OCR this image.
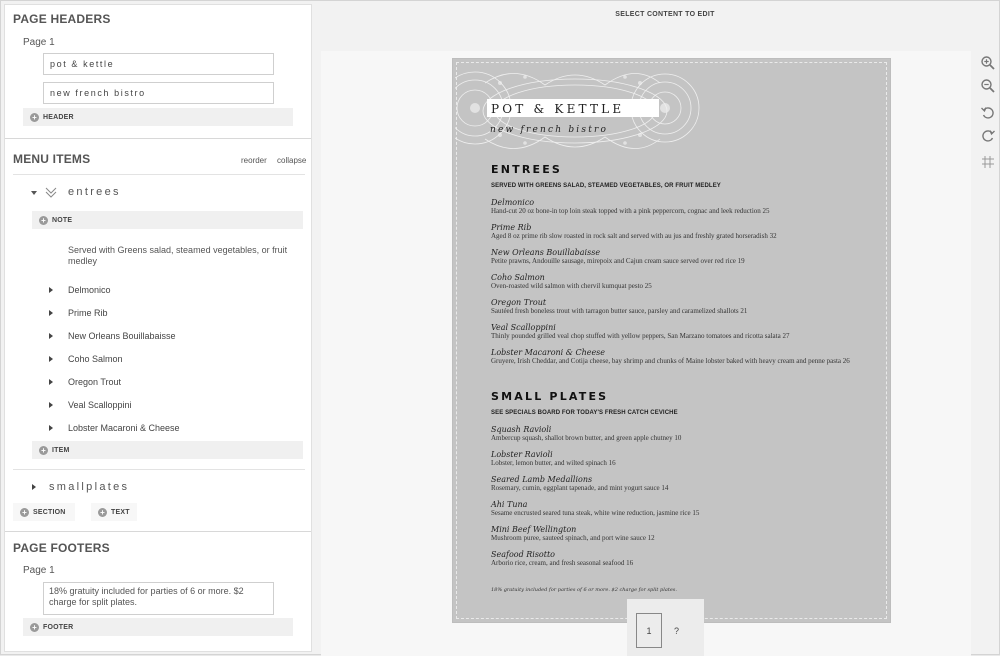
PAGE HEADERS
Page 1
pot & kettle
new french bistro
+ HEADER
MENU ITEMS	reorder collapse
entrees
+ NOTE
Served with Greens salad, steamed vegetables, or fruit medley
Delmonico
Prime Rib
New Orleans Bouillabaisse
Coho Salmon
Oregon Trout
Veal Scalloppini
Lobster Macaroni & Cheese
+ ITEM
smallplates
+ SECTION	+ TEXT
PAGE FOOTERS
Page 1
18% gratuity included for parties of 6 or more. $2 charge for split plates.
+ FOOTER
SELECT CONTENT TO EDIT
POT & KETTLE
new french bistro
ENTREES
SERVED WITH GREENS SALAD, STEAMED VEGETABLES, OR FRUIT MEDLEY
Delmonico
Hand-cut 20 oz bone-in top loin steak topped with a pink peppercorn, cognac and leek reduction 25
Prime Rib
Aged 8 oz prime rib slow roasted in rock salt and served with au jus and freshly grated horseradish 32
New Orleans Bouillabaisse
Petite prawns, Andouille sausage, mirepoix and Cajun cream sauce served over red rice 19
Coho Salmon
Oven-roasted wild salmon with chervil kumquat pesto 25
Oregon Trout
Sautéed fresh boneless trout with tarragon butter sauce, parsley and caramelized shallots 21
Veal Scalloppini
Thinly pounded grilled veal chop stuffed with yellow peppers, San Marzano tomatoes and ricotta salata 27
Lobster Macaroni & Cheese
Gruyere, Irish Cheddar, and Cotija cheese, bay shrimp and chunks of Maine lobster baked with heavy cream and penne pasta 26
SMALL PLATES
SEE SPECIALS BOARD FOR TODAY'S FRESH CATCH CEVICHE
Squash Ravioli
Ambercup squash, shallot brown butter, and green apple chutney 10
Lobster Ravioli
Lobster, lemon butter, and wilted spinach 16
Seared Lamb Medallions
Rosemary, cumin, eggplant tapenade, and mint yogurt sauce 14
Ahi Tuna
Sesame encrusted seared tuna steak, white wine reduction, jasmine rice 15
Mini Beef Wellington
Mushroom puree, sauteed spinach, and port wine sauce 12
Seafood Risotto
Arborio rice, cream, and fresh seasonal seafood 16
18% gratuity included for parties of 6 or more. $2 charge for split plates.
1	?
